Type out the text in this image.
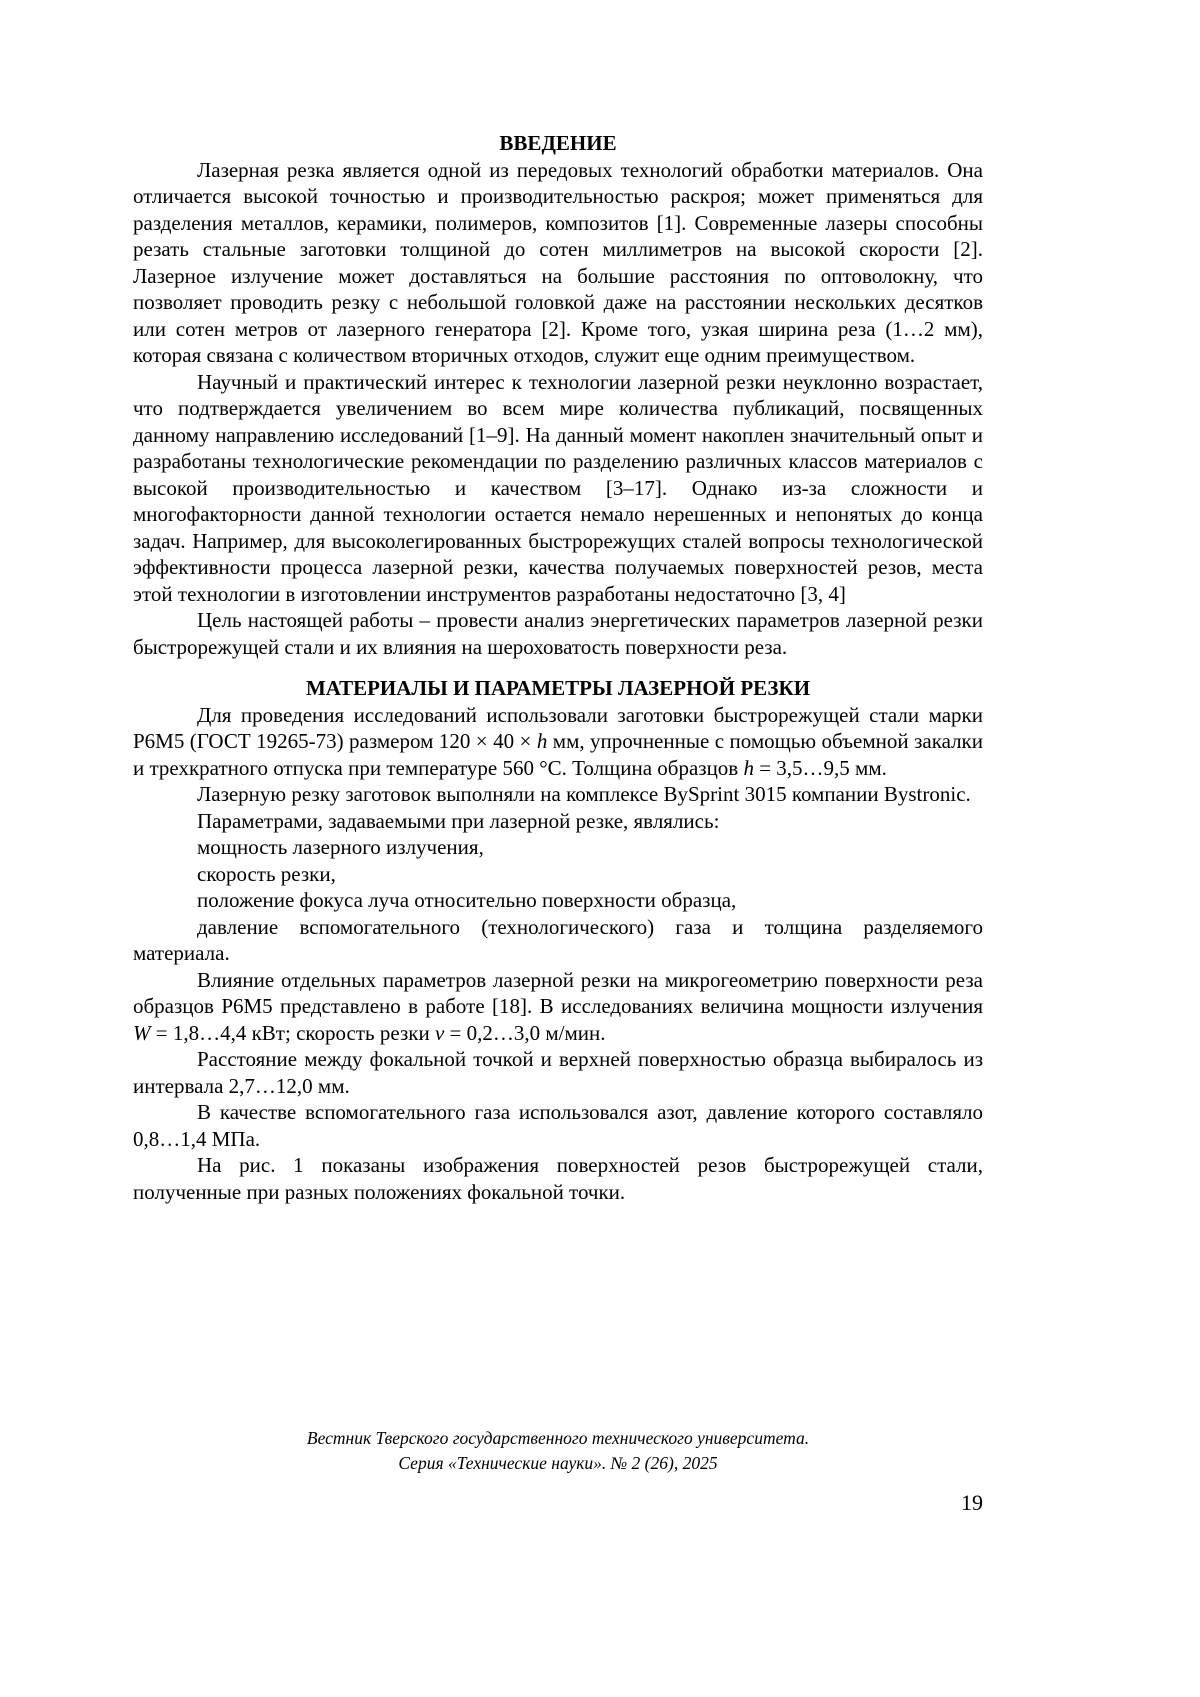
ВВЕДЕНИЕ

Лазерная резка является одной из передовых технологий обработки материалов. Она отличается высокой точностью и производительностью раскроя; может применяться для разделения металлов, керамики, полимеров, композитов [1]. Современные лазеры способны резать стальные заготовки толщиной до сотен миллиметров на высокой скорости [2]. Лазерное излучение может доставляться на большие расстояния по оптоволокну, что позволяет проводить резку с небольшой головкой даже на расстоянии нескольких десятков или сотен метров от лазерного генератора [2]. Кроме того, узкая ширина реза (1…2 мм), которая связана с количеством вторичных отходов, служит еще одним преимуществом.

Научный и практический интерес к технологии лазерной резки неуклонно возрастает, что подтверждается увеличением во всем мире количества публикаций, посвященных данному направлению исследований [1–9]. На данный момент накоплен значительный опыт и разработаны технологические рекомендации по разделению различных классов материалов с высокой производительностью и качеством [3–17]. Однако из-за сложности и многофакторности данной технологии остается немало нерешенных и непонятых до конца задач. Например, для высоколегированных быстрорежущих сталей вопросы технологической эффективности процесса лазерной резки, качества получаемых поверхностей резов, места этой технологии в изготовлении инструментов разработаны недостаточно [3, 4]

Цель настоящей работы – провести анализ энергетических параметров лазерной резки быстрорежущей стали и их влияния на шероховатость поверхности реза.

МАТЕРИАЛЫ И ПАРАМЕТРЫ ЛАЗЕРНОЙ РЕЗКИ

Для проведения исследований использовали заготовки быстрорежущей стали марки Р6М5 (ГОСТ 19265-73) размером 120 × 40 × h мм, упрочненные с помощью объемной закалки и трехкратного отпуска при температуре 560 °С. Толщина образцов h = 3,5…9,5 мм.

Лазерную резку заготовок выполняли на комплексе BySprint 3015 компании Bystronic.

Параметрами, задаваемыми при лазерной резке, являлись:

мощность лазерного излучения,

скорость резки,

положение фокуса луча относительно поверхности образца,

давление вспомогательного (технологического) газа и толщина разделяемого материала.

Влияние отдельных параметров лазерной резки на микрогеометрию поверхности реза образцов Р6М5 представлено в работе [18]. В исследованиях величина мощности излучения W = 1,8…4,4 кВт; скорость резки v = 0,2…3,0 м/мин.

Расстояние между фокальной точкой и верхней поверхностью образца выбиралось из интервала 2,7…12,0 мм.

В качестве вспомогательного газа использовался азот, давление которого составляло 0,8…1,4 МПа.

На рис. 1 показаны изображения поверхностей резов быстрорежущей стали, полученные при разных положениях фокальной точки.

Вестник Тверского государственного технического университета.
Серия «Технические науки». № 2 (26), 2025
19
